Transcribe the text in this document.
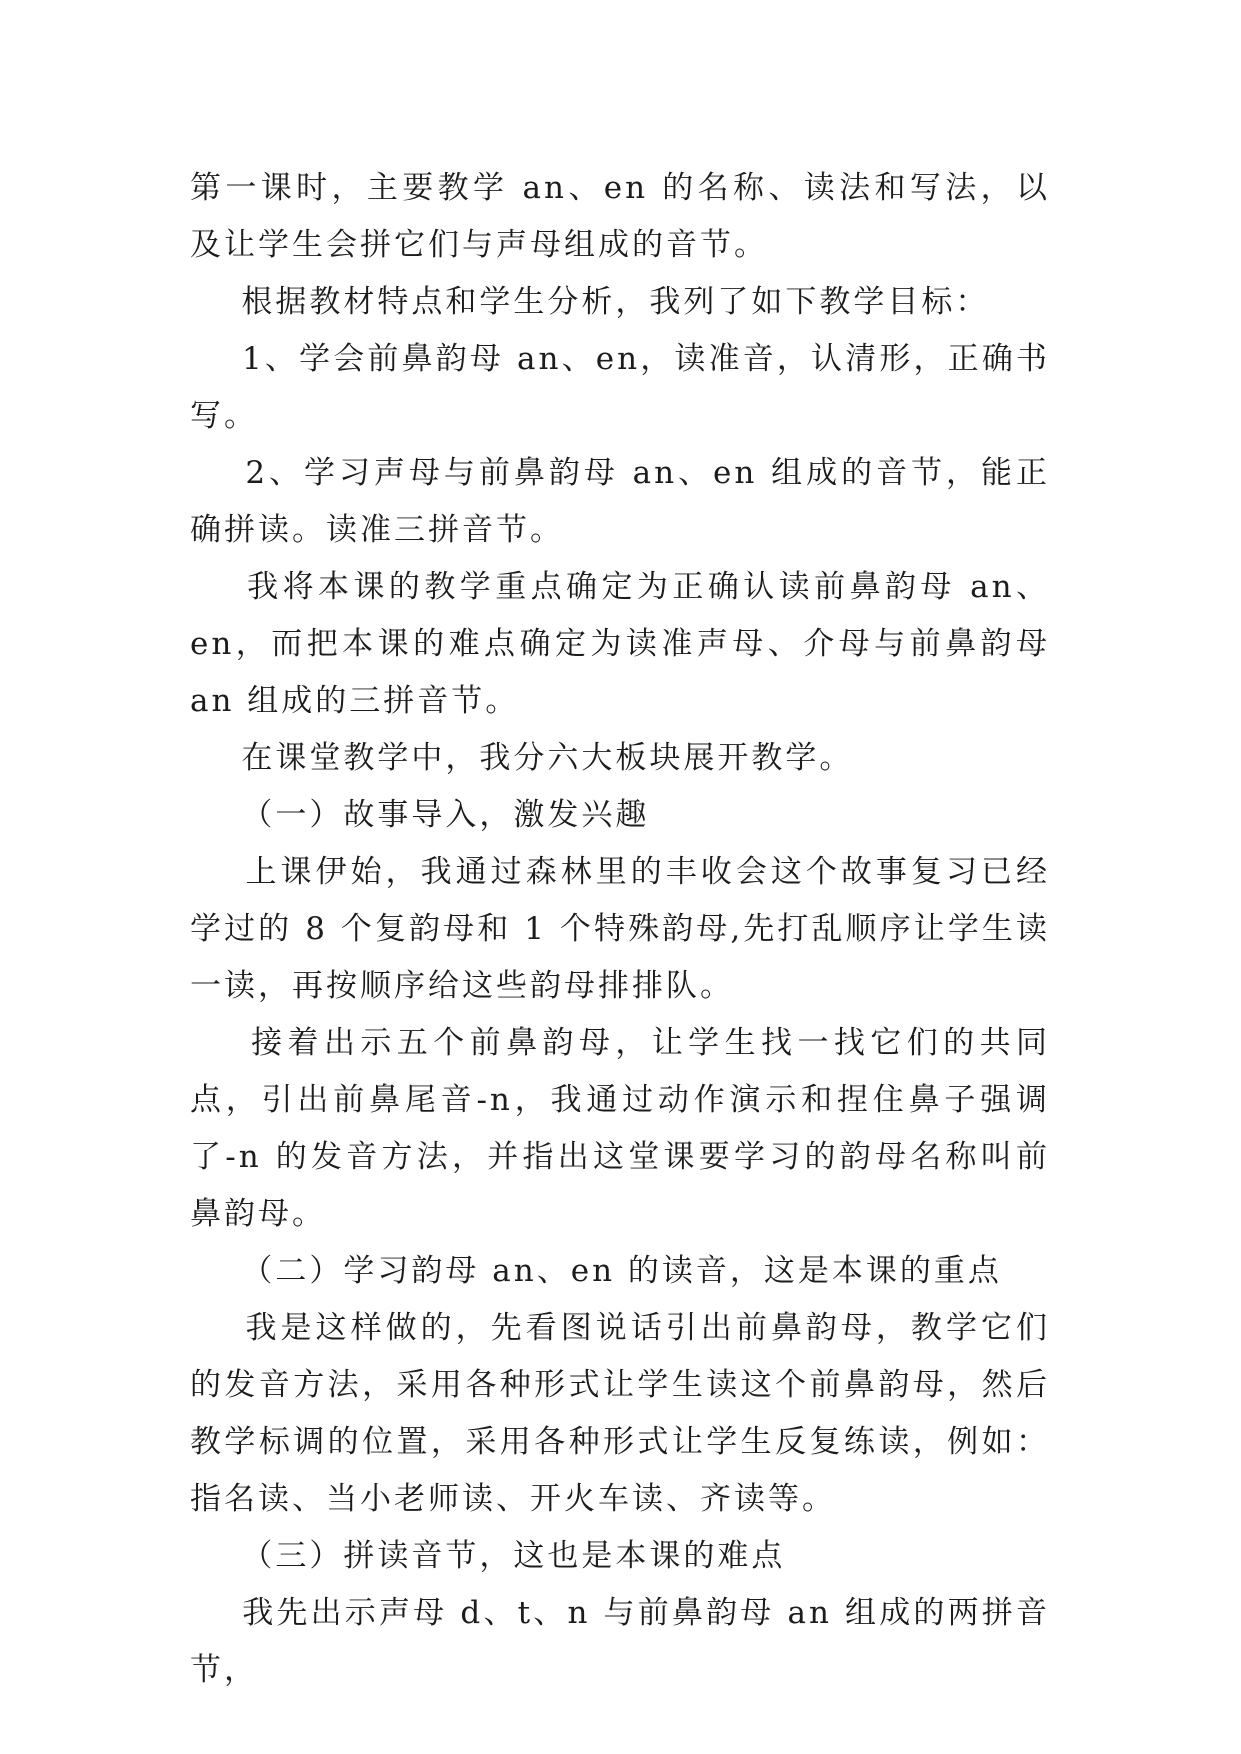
第一课时，主要教学 an、en 的名称、读法和写法，以及让学生会拼它们与声母组成的音节。

根据教材特点和学生分析，我列了如下教学目标：

1、学会前鼻韵母 an、en，读准音，认清形，正确书写。

2、学习声母与前鼻韵母 an、en 组成的音节，能正确拼读。读准三拼音节。

我将本课的教学重点确定为正确认读前鼻韵母 an、en，而把本课的难点确定为读准声母、介母与前鼻韵母 an 组成的三拼音节。

在课堂教学中，我分六大板块展开教学。

（一）故事导入，激发兴趣

上课伊始，我通过森林里的丰收会这个故事复习已经学过的 8 个复韵母和 1 个特殊韵母,先打乱顺序让学生读一读，再按顺序给这些韵母排排队。

接着出示五个前鼻韵母，让学生找一找它们的共同点，引出前鼻尾音-n，我通过动作演示和捏住鼻子强调了-n 的发音方法，并指出这堂课要学习的韵母名称叫前鼻韵母。

（二）学习韵母 an、en 的读音，这是本课的重点

我是这样做的，先看图说话引出前鼻韵母，教学它们的发音方法，采用各种形式让学生读这个前鼻韵母，然后教学标调的位置，采用各种形式让学生反复练读，例如：指名读、当小老师读、开火车读、齐读等。

（三）拼读音节，这也是本课的难点

我先出示声母 d、t、n 与前鼻韵母 an 组成的两拼音节，
